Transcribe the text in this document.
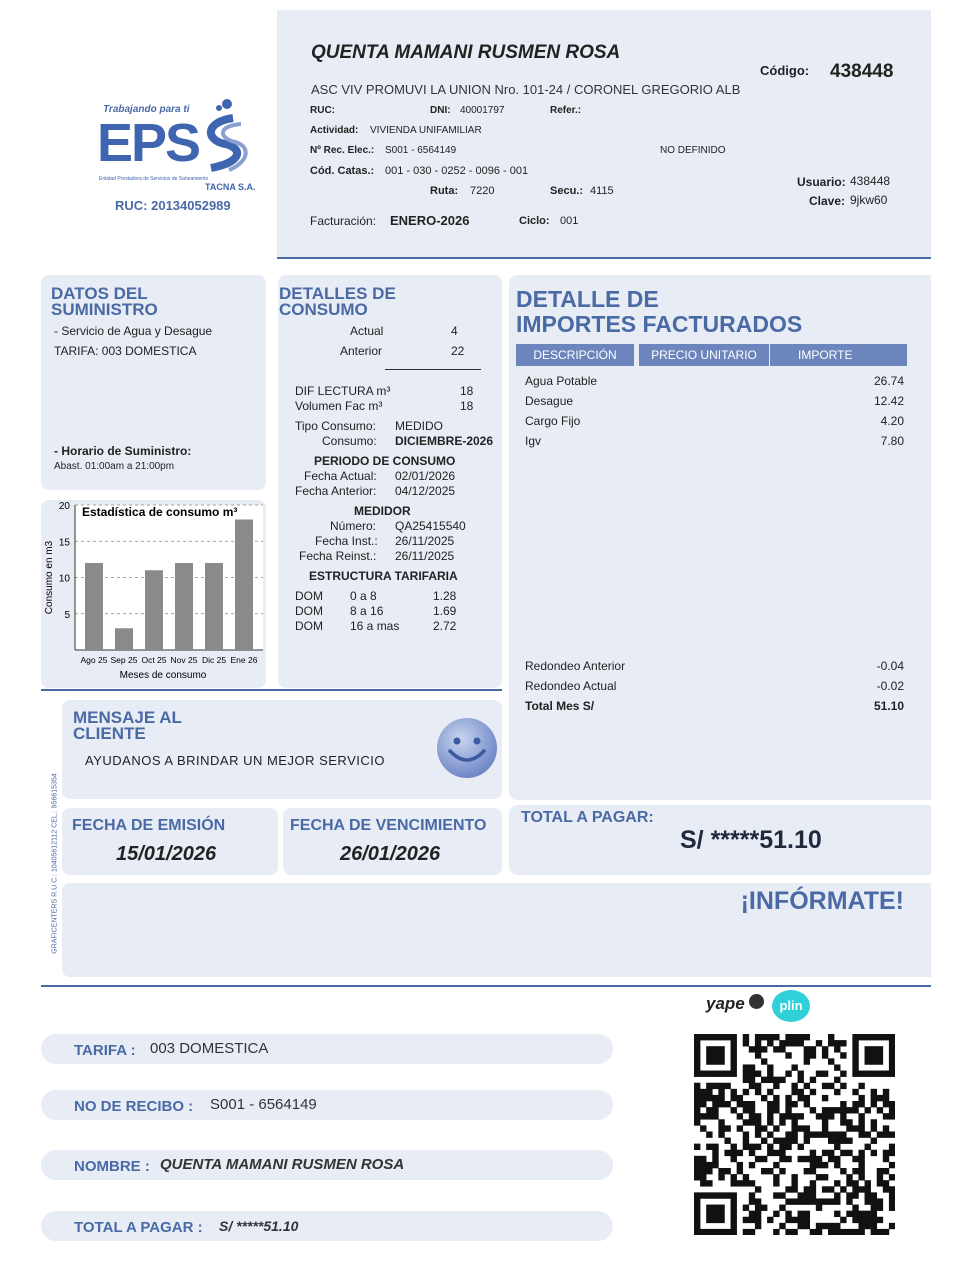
Trabajando para ti
EPS
Entidad Prestadora de Servicios de Saneamiento
TACNA S.A.
RUC: 20134052989
QUENTA MAMANI RUSMEN ROSA
ASC VIV PROMUVI LA UNION Nro. 101-24 / CORONEL GREGORIO ALB
Código: 438448
RUC:	DNI: 40001797	Refer.:
Actividad: VIVIENDA UNIFAMILIAR
Nº Rec. Elec.: S001 - 6564149	NO DEFINIDO
Cód. Catas.: 001 - 030 - 0252 - 0096 - 001
Ruta: 7220	Secu.: 4115
Usuario: 438448
Clave: 9jkw60
Facturación: ENERO-2026	Ciclo: 001
DATOS DEL
SUMINISTRO
- Servicio de Agua y Desague
TARIFA: 003 DOMESTICA
- Horario de Suministro:
Abast. 01:00am a 21:00pm
5
10
15
20
Ago 25 Sep 25 Oct 25 Nov 25 Dic 25 Ene 26
Estadística de consumo m³
Meses de consumo
Consumo en m3
DETALLES DE
CONSUMO
Actual	4
Anterior	22
DIF LECTURA m³	18
Volumen Fac m³	18
Tipo Consumo: MEDIDO
Consumo: DICIEMBRE-2026
PERIODO DE CONSUMO
Fecha Actual: 02/01/2026
Fecha Anterior: 04/12/2025
MEDIDOR
Número: QA25415540
Fecha Inst.: 26/11/2025
Fecha Reinst.: 26/11/2025
ESTRUCTURA TARIFARIA
DOM 0 a 8	1.28
DOM 8 a 16	1.69
DOM 16 a mas	2.72
DETALLE DE
IMPORTES FACTURADOS
DESCRIPCIÓN	PRECIO UNITARIO	IMPORTE
Agua Potable	26.74
Desague	12.42
Cargo Fijo	4.20
Igv	7.80
Redondeo Anterior	-0.04
Redondeo Actual	-0.02
Total Mes S/	51.10
MENSAJE AL
CLIENTE
AYUDANOS A BRINDAR UN MEJOR SERVICIO
GRAFICENTERS R.U.C.: 10405612112 CEL.: 956615354 FECHA DE EMISIÓN
15/01/2026
FECHA DE VENCIMIENTO
26/01/2026
TOTAL A PAGAR:
S/ *****51.10
¡INFÓRMATE!
yape	plin
TARIFA : 003 DOMESTICA
NO DE RECIBO : S001 - 6564149
NOMBRE : QUENTA MAMANI RUSMEN ROSA
TOTAL A PAGAR : S/ *****51.10
